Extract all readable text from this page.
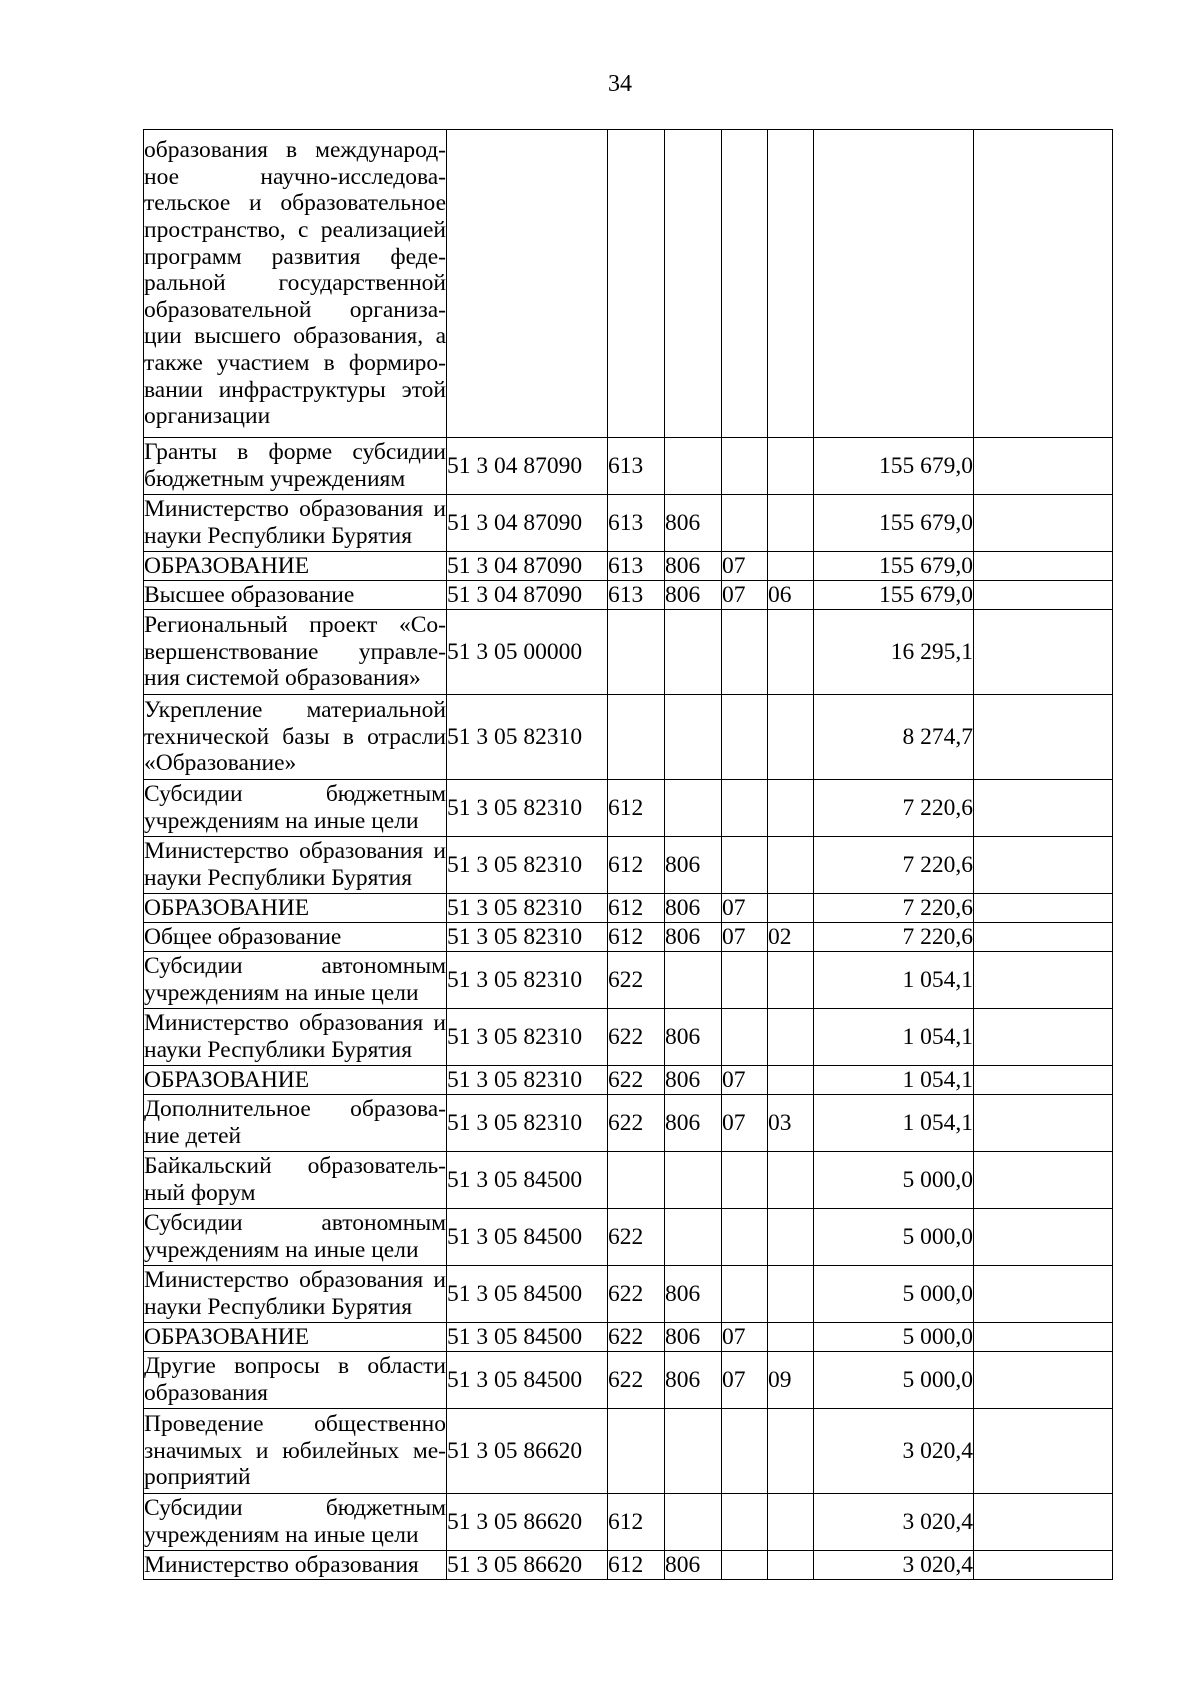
34
образования в международ-ное научно-исследова-тельское и образовательное пространство, с реализацией программ развития феде-ральной государственной образовательной организа-ции высшего образования, а также участием в формиро-вании инфраструктуры этой организации							
Гранты в форме субсидии бюджетным учреждениям	51 3 04 87090	613				155 679,0	
Министерство образования и науки Республики Бурятия	51 3 04 87090	613	806			155 679,0	
ОБРАЗОВАНИЕ	51 3 04 87090	613	806	07		155 679,0	
Высшее образование	51 3 04 87090	613	806	07	06	155 679,0	
Региональный проект «Со-вершенствование управле-ния системой образования»	51 3 05 00000					16 295,1	
Укрепление материальной технической базы в отрасли «Образование»	51 3 05 82310					8 274,7	
Субсидии бюджетным учреждениям на иные цели	51 3 05 82310	612				7 220,6	
Министерство образования и науки Республики Бурятия	51 3 05 82310	612	806			7 220,6	
ОБРАЗОВАНИЕ	51 3 05 82310	612	806	07		7 220,6	
Общее образование	51 3 05 82310	612	806	07	02	7 220,6	
Субсидии автономным учреждениям на иные цели	51 3 05 82310	622				1 054,1	
Министерство образования и науки Республики Бурятия	51 3 05 82310	622	806			1 054,1	
ОБРАЗОВАНИЕ	51 3 05 82310	622	806	07		1 054,1	
Дополнительное образова-ние детей	51 3 05 82310	622	806	07	03	1 054,1	
Байкальский образователь-ный форум	51 3 05 84500					5 000,0	
Субсидии автономным учреждениям на иные цели	51 3 05 84500	622				5 000,0	
Министерство образования и науки Республики Бурятия	51 3 05 84500	622	806			5 000,0	
ОБРАЗОВАНИЕ	51 3 05 84500	622	806	07		5 000,0	
Другие вопросы в области образования	51 3 05 84500	622	806	07	09	5 000,0	
Проведение общественно значимых и юбилейных ме-роприятий	51 3 05 86620					3 020,4	
Субсидии бюджетным учреждениям на иные цели	51 3 05 86620	612				3 020,4	
Министерство образования	51 3 05 86620	612	806			3 020,4	
